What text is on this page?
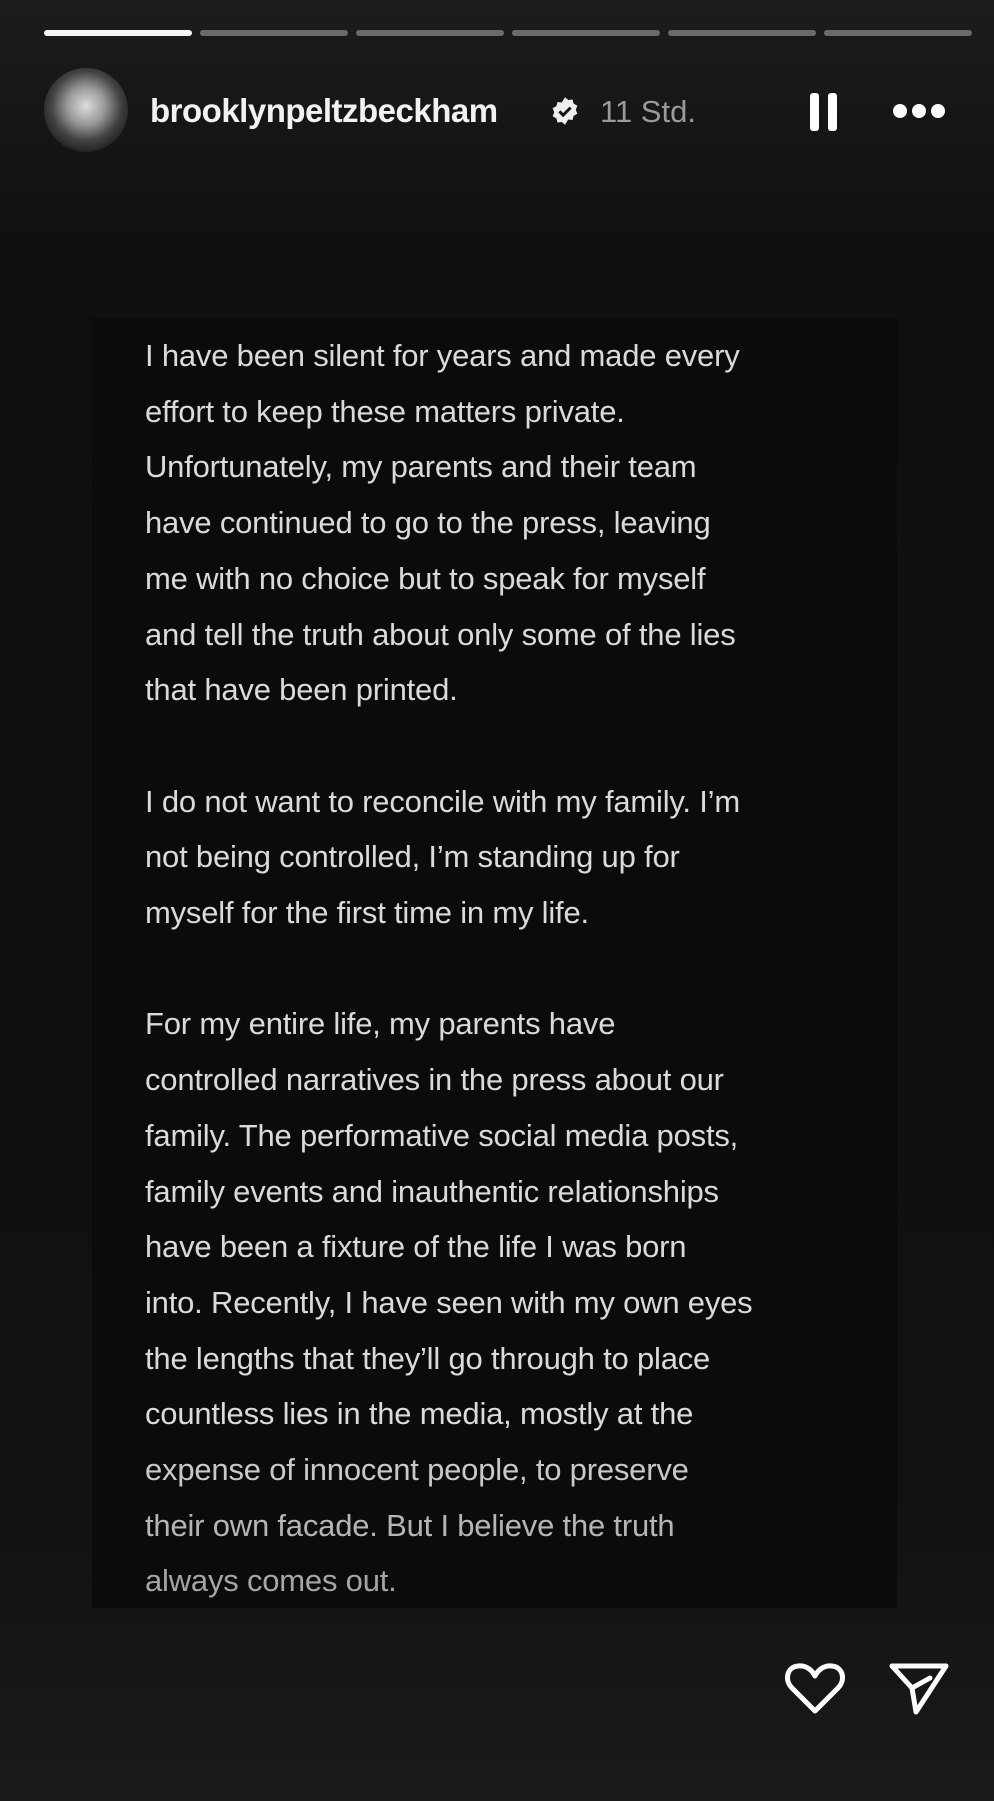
brooklynpeltzbeckham	11 Std.

I have been silent for years and made every
effort to keep these matters private.
Unfortunately, my parents and their team
have continued to go to the press, leaving
me with no choice but to speak for myself
and tell the truth about only some of the lies
that have been printed.

I do not want to reconcile with my family. I’m
not being controlled, I’m standing up for
myself for the first time in my life.

For my entire life, my parents have
controlled narratives in the press about our
family. The performative social media posts,
family events and inauthentic relationships
have been a fixture of the life I was born
into. Recently, I have seen with my own eyes
the lengths that they’ll go through to place
countless lies in the media, mostly at the
expense of innocent people, to preserve
their own facade. But I believe the truth
always comes out.
